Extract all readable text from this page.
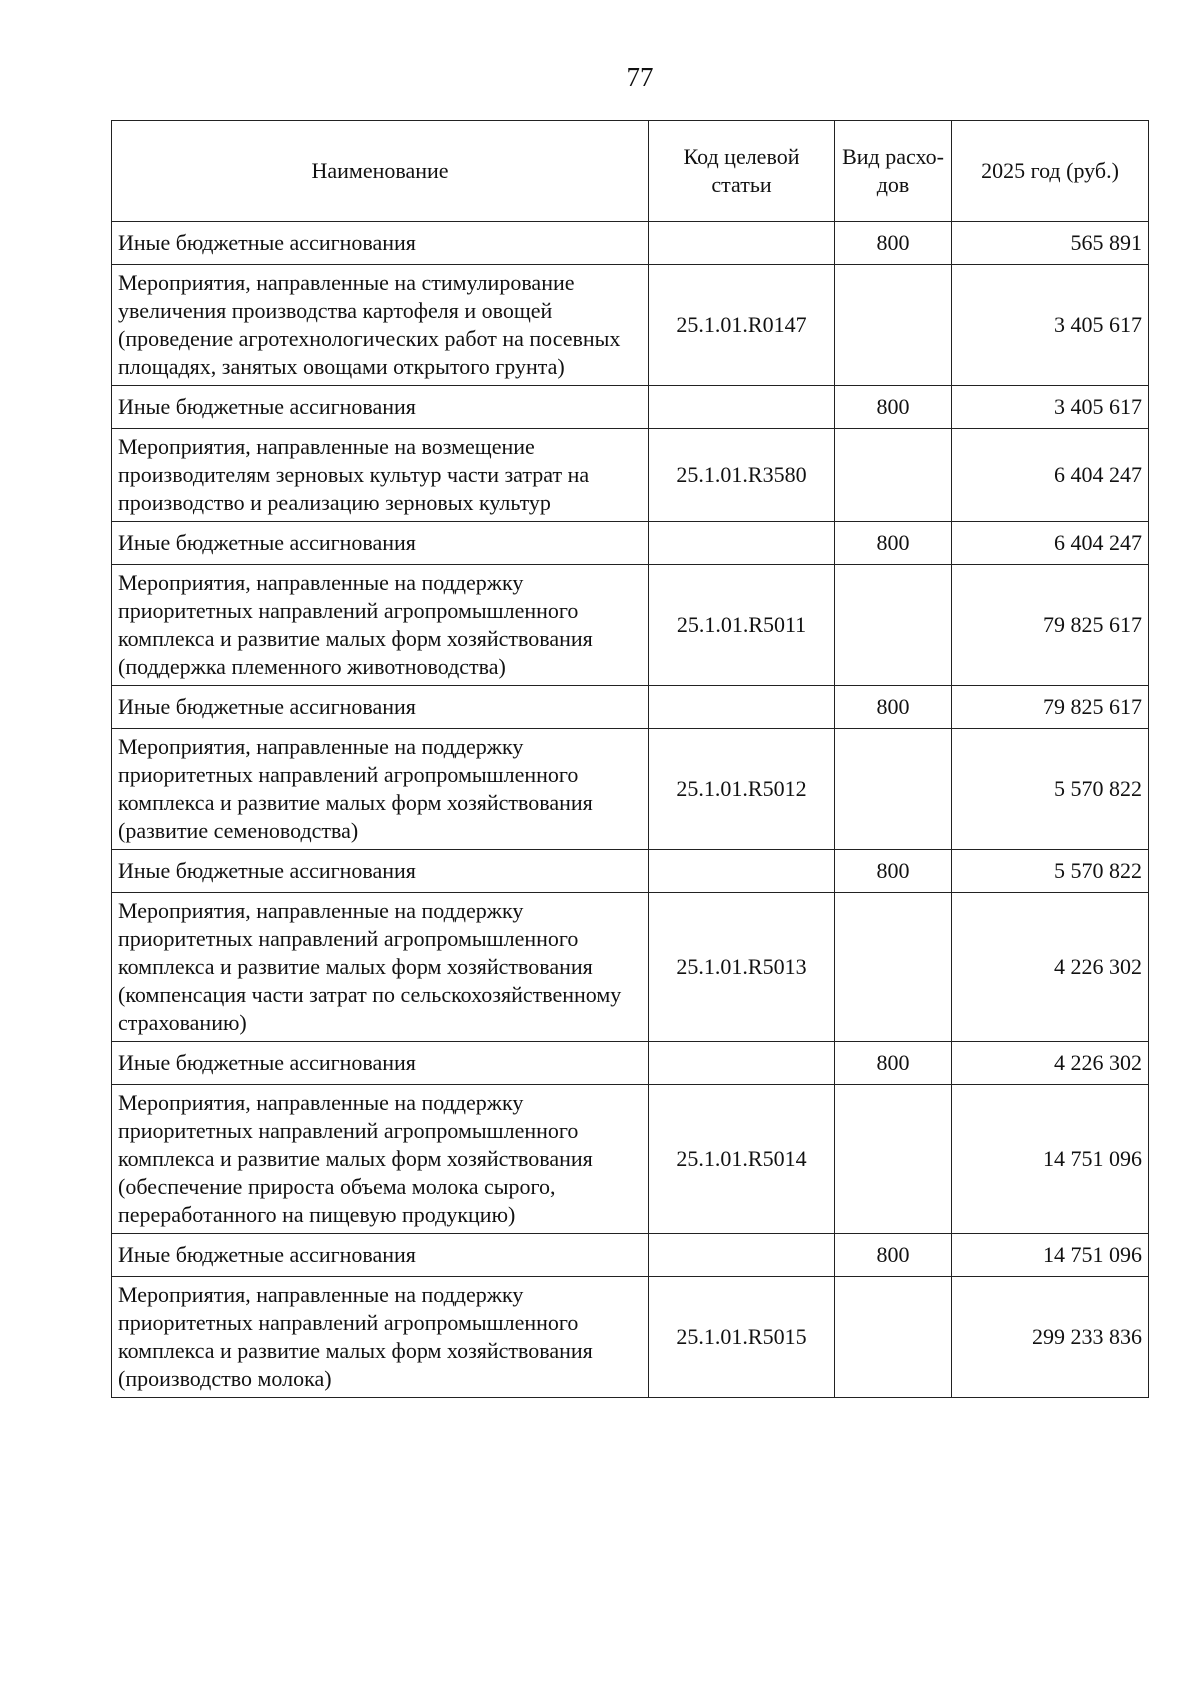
77
Наименование	Код целевой статьи	Вид расхо-дов	2025 год (руб.)
Иные бюджетные ассигнования		800	565 891
Мероприятия, направленные на стимулирование увеличения производства картофеля и овощей (проведение агротехнологических работ на посевных площадях, занятых овощами открытого грунта)	25.1.01.R0147		3 405 617
Иные бюджетные ассигнования		800	3 405 617
Мероприятия, направленные на возмещение производителям зерновых культур части затрат на производство и реализацию зерновых культур	25.1.01.R3580		6 404 247
Иные бюджетные ассигнования		800	6 404 247
Мероприятия, направленные на поддержку приоритетных направлений агропромышленного комплекса и развитие малых форм хозяйствования (поддержка племенного животноводства)	25.1.01.R5011		79 825 617
Иные бюджетные ассигнования		800	79 825 617
Мероприятия, направленные на поддержку приоритетных направлений агропромышленного комплекса и развитие малых форм хозяйствования (развитие семеноводства)	25.1.01.R5012		5 570 822
Иные бюджетные ассигнования		800	5 570 822
Мероприятия, направленные на поддержку приоритетных направлений агропромышленного комплекса и развитие малых форм хозяйствования (компенсация части затрат по сельскохозяйственному страхованию)	25.1.01.R5013		4 226 302
Иные бюджетные ассигнования		800	4 226 302
Мероприятия, направленные на поддержку приоритетных направлений агропромышленного комплекса и развитие малых форм хозяйствования (обеспечение прироста объема молока сырого, переработанного на пищевую продукцию)	25.1.01.R5014		14 751 096
Иные бюджетные ассигнования		800	14 751 096
Мероприятия, направленные на поддержку приоритетных направлений агропромышленного комплекса и развитие малых форм хозяйствования (производство молока)	25.1.01.R5015		299 233 836
